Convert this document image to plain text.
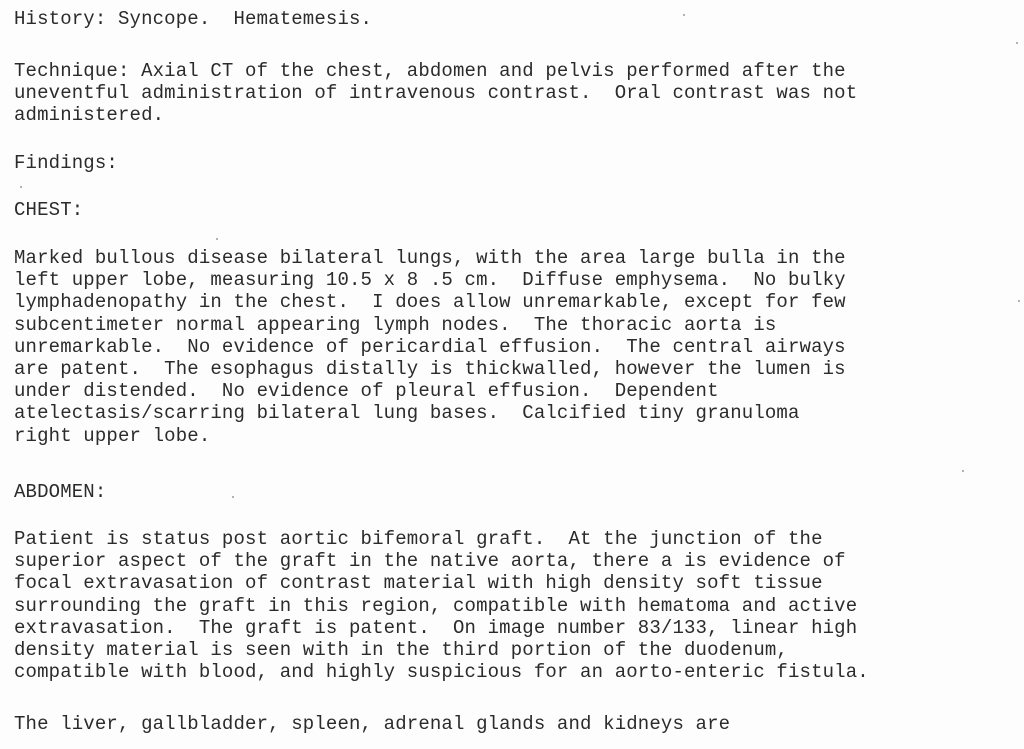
History: Syncope.  Hematemesis.

Technique: Axial CT of the chest, abdomen and pelvis performed after the
uneventful administration of intravenous contrast.  Oral contrast was not
administered.

Findings:

CHEST:

Marked bullous disease bilateral lungs, with the area large bulla in the
left upper lobe, measuring 10.5 x 8 .5 cm.  Diffuse emphysema.  No bulky
lymphadenopathy in the chest.  I does allow unremarkable, except for few
subcentimeter normal appearing lymph nodes.  The thoracic aorta is
unremarkable.  No evidence of pericardial effusion.  The central airways
are patent.  The esophagus distally is thickwalled, however the lumen is
under distended.  No evidence of pleural effusion.  Dependent
atelectasis/scarring bilateral lung bases.  Calcified tiny granuloma
right upper lobe.

ABDOMEN:

Patient is status post aortic bifemoral graft.  At the junction of the
superior aspect of the graft in the native aorta, there a is evidence of
focal extravasation of contrast material with high density soft tissue
surrounding the graft in this region, compatible with hematoma and active
extravasation.  The graft is patent.  On image number 83/133, linear high
density material is seen with in the third portion of the duodenum,
compatible with blood, and highly suspicious for an aorto-enteric fistula.

The liver, gallbladder, spleen, adrenal glands and kidneys are
